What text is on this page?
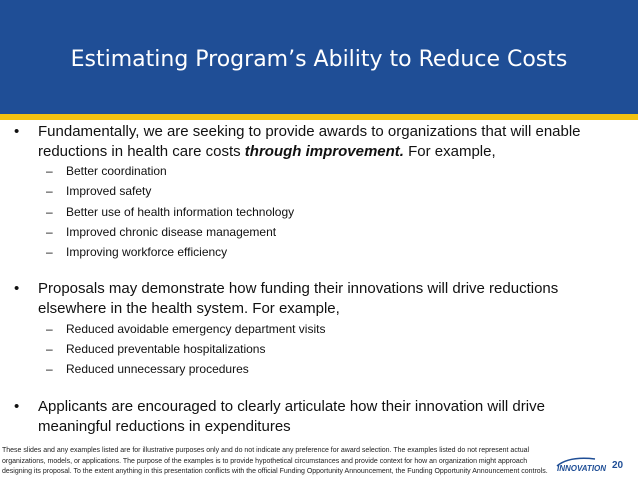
Estimating Program’s Ability to Reduce Costs
•	Fundamentally, we are seeking to provide awards to organizations that will enable
reductions in health care costs through improvement. For example,
–	Better coordination
–	Improved safety
–	Better use of health information technology
–	Improved chronic disease management
–	Improving workforce efficiency
•	Proposals may demonstrate how funding their innovations will drive reductions
elsewhere in the health system. For example,
–	Reduced avoidable emergency department visits
–	Reduced preventable hospitalizations
–	Reduced unnecessary procedures
•	Applicants are encouraged to clearly articulate how their innovation will drive
meaningful reductions in expenditures
These slides and any examples listed are for illustrative purposes only and do not indicate any preference for award selection. The examples listed do not represent actual organizations, models, or applications. The purpose of the examples is to provide hypothetical circumstances and provide context for how an organization might approach designing its proposal. To the extent anything in this presentation conflicts with the official Funding Opportunity Announcement, the Funding Opportunity Announcement controls. INNOVATION 20
